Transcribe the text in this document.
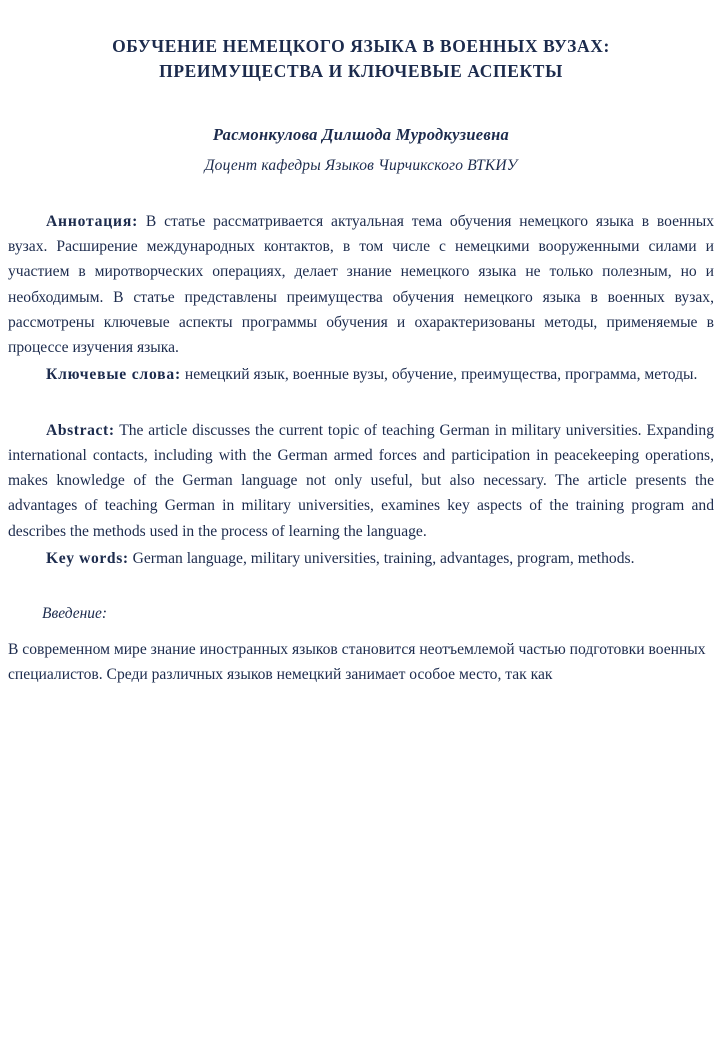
ОБУЧЕНИЕ НЕМЕЦКОГО ЯЗЫКА В ВОЕННЫХ ВУЗАХ:
ПРЕИМУЩЕСТВА И КЛЮЧЕВЫЕ АСПЕКТЫ
Расмонкулова Дилшода Муродкузиевна
Доцент кафедры Языков Чирчикского ВТКИУ

Аннотация: В статье рассматривается актуальная тема обучения немецкого языка в военных вузах. Расширение международных контактов, в том числе с немецкими вооруженными силами и участием в миротворческих операциях, делает знание немецкого языка не только полезным, но и необходимым. В статье представлены преимущества обучения немецкого языка в военных вузах, рассмотрены ключевые аспекты программы обучения и охарактеризованы методы, применяемые в процессе изучения языка.

Ключевые слова: немецкий язык, военные вузы, обучение, преимущества, программа, методы.

Abstract: The article discusses the current topic of teaching German in military universities. Expanding international contacts, including with the German armed forces and participation in peacekeeping operations, makes knowledge of the German language not only useful, but also necessary. The article presents the advantages of teaching German in military universities, examines key aspects of the training program and describes the methods used in the process of learning the language.

Key words: German language, military universities, training, advantages, program, methods.

Введение:

В современном мире знание иностранных языков становится неотъемлемой частью подготовки военных специалистов. Среди различных языков немецкий занимает особое место, так как
